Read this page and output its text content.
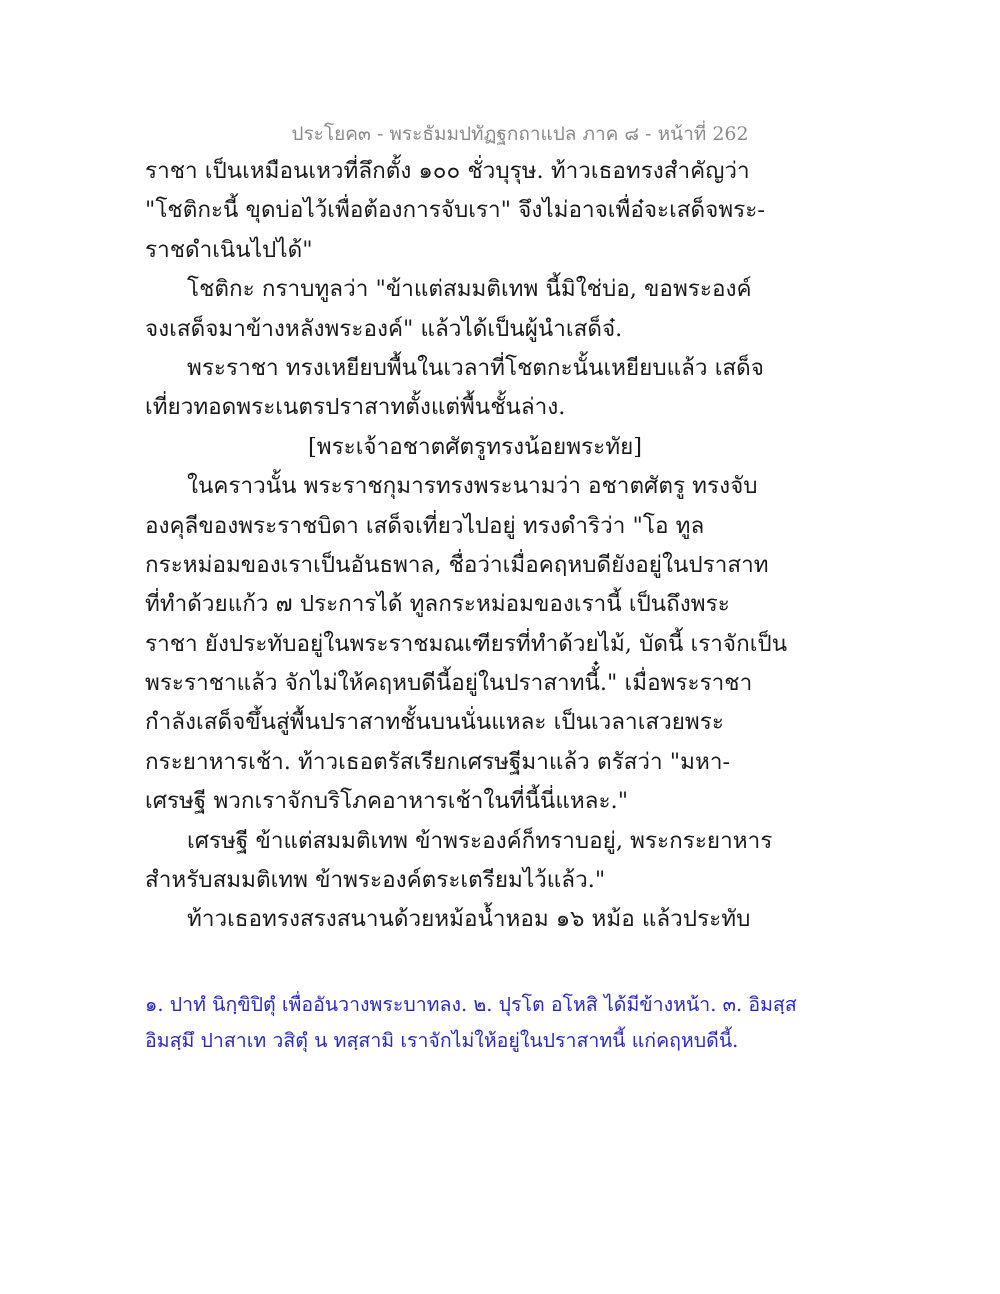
ประโยค๓ - พระธัมมปทัฏฐกถาแปล ภาค ๘ - หน้าที่ 262
ราชา เป็นเหมือนเหวที่ลึกตั้ง ๑๐๐ ชั่วบุรุษ. ท้าวเธอทรงสำคัญว่า
"โชติกะนี้ ขุดบ่อไว้เพื่อต้องการจับเรา" จึงไม่อาจเพื่อ๋จะเสด็จพระ-
ราชดำเนินไปได้"
โชติกะ กราบทูลว่า "ข้าแต่สมมติเทพ นี้มิใช่บ่อ, ขอพระองค์
จงเสด็จมาข้างหลังพระองค์" แล้วได้เป็นผู้นำเสด็จ๋.
พระราชา ทรงเหยียบพื้นในเวลาที่โชตกะนั้นเหยียบแล้ว เสด็จ
เที่ยวทอดพระเนตรปราสาทตั้งแต่พื้นชั้นล่าง.
[พระเจ้าอชาตศัตรูทรงน้อยพระทัย]
ในคราวนั้น พระราชกุมารทรงพระนามว่า อชาตศัตรู ทรงจับ
องคุลีของพระราชบิดา เสด็จเที่ยวไปอยู่ ทรงดำริว่า "โอ ทูล
กระหม่อมของเราเป็นอันธพาล, ชื่อว่าเมื่อคฤหบดียังอยู่ในปราสาท
ที่ทำด้วยแก้ว ๗ ประการได้ ทูลกระหม่อมของเรานี้ เป็นถึงพระ
ราชา ยังประทับอยู่ในพระราชมณเฑียรที่ทำด้วยไม้, บัดนี้ เราจักเป็น
พระราชาแล้ว จักไม่ให้คฤหบดีนี้อยู่ในปราสาทนี้๋." เมื่อพระราชา
กำลังเสด็จขึ้นสู่พื้นปราสาทชั้นบนนั่นแหละ เป็นเวลาเสวยพระ
กระยาหารเช้า. ท้าวเธอตรัสเรียกเศรษฐีมาแล้ว ตรัสว่า "มหา-
เศรษฐี พวกเราจักบริโภคอาหารเช้าในที่นี้นี่แหละ."
เศรษฐี ข้าแต่สมมติเทพ ข้าพระองค์ก็ทราบอยู่, พระกระยาหาร
สำหรับสมมติเทพ ข้าพระองค์ตระเตรียมไว้แล้ว."
ท้าวเธอทรงสรงสนานด้วยหม้อน้ำหอม ๑๖ หม้อ แล้วประทับ
๑. ปาทํ นิกฺขิปิตุํ เพื่ออันวางพระบาทลง. ๒. ปุรโต อโหสิ ได้มีข้างหน้า. ๓. อิมสฺส
อิมสฺมึ ปาสาเท วสิตุํ น ทสฺสามิ เราจักไม่ให้อยู่ในปราสาทนี้ แก่คฤหบดีนี้.
